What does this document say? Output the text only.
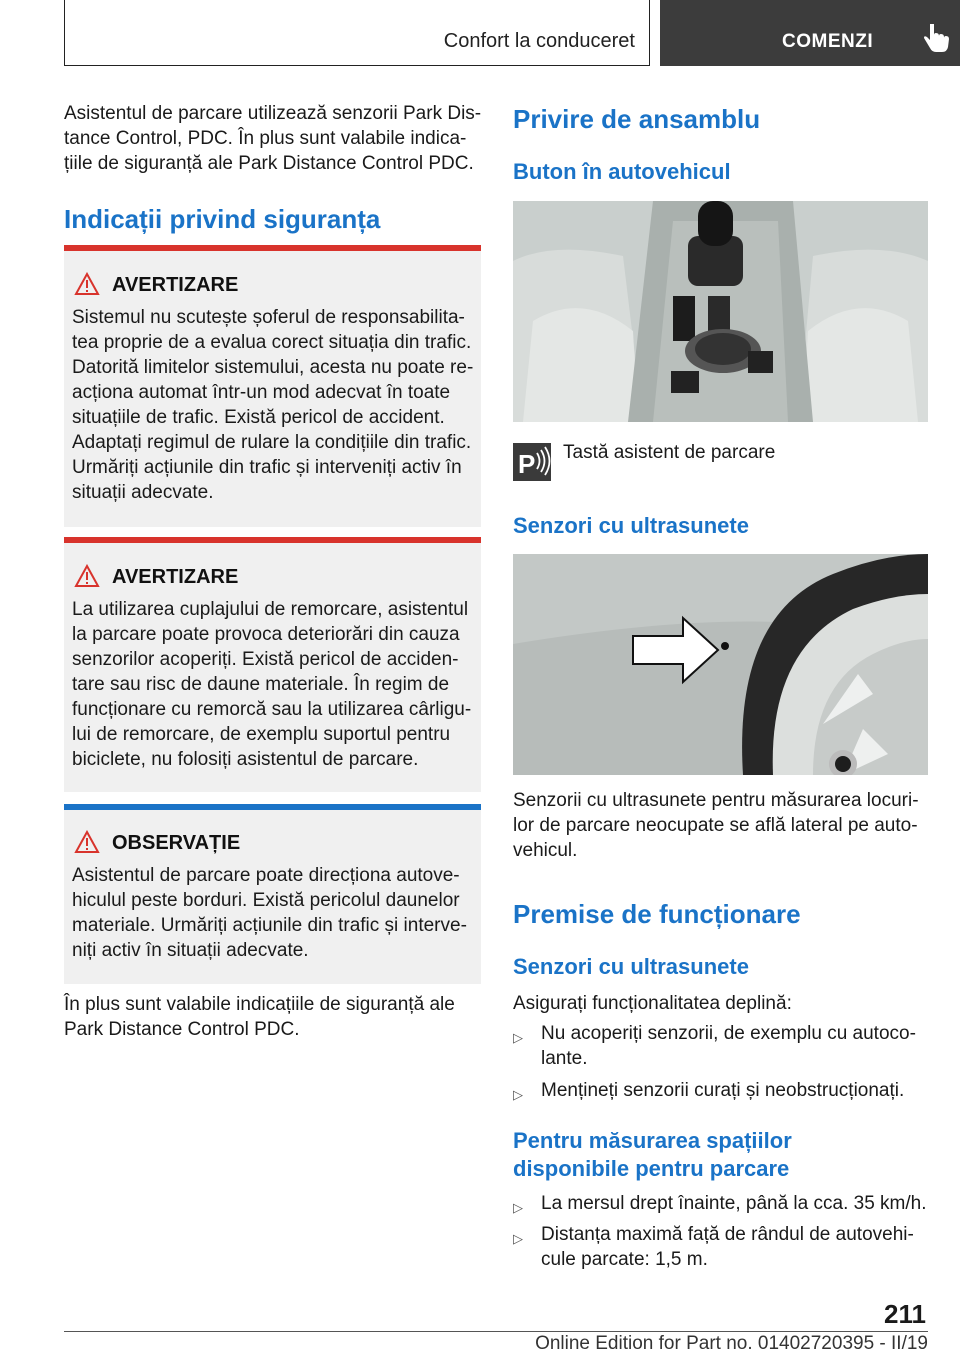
Confort la conduceret	COMENZI
Asistentul de parcare utilizează senzorii Park Dis-
tance Control, PDC. În plus sunt valabile indica-
țiile de siguranță ale Park Distance Control PDC.
Indicații privind siguranța
AVERTIZARE
Sistemul nu scutește șoferul de responsabilita-
tea proprie de a evalua corect situația din trafic.
Datorită limitelor sistemului, acesta nu poate re-
acționa automat într-un mod adecvat în toate
situațiile de trafic. Există pericol de accident.
Adaptați regimul de rulare la condițiile din trafic.
Urmăriți acțiunile din trafic și interveniți activ în
situații adecvate.
AVERTIZARE
La utilizarea cuplajului de remorcare, asistentul
la parcare poate provoca deteriorări din cauza
senzorilor acoperiți. Există pericol de acciden-
tare sau risc de daune materiale. În regim de
funcționare cu remorcă sau la utilizarea cârligu-
lui de remorcare, de exemplu suportul pentru
biciclete, nu folosiți asistentul de parcare.
OBSERVAȚIE
Asistentul de parcare poate direcționa autove-
hiculul peste borduri. Există pericolul daunelor
materiale. Urmăriți acțiunile din trafic și interve-
niți activ în situații adecvate.
În plus sunt valabile indicațiile de siguranță ale
Park Distance Control PDC.
Privire de ansamblu
Buton în autovehicul
P Tastă asistent de parcare
Senzori cu ultrasunete
Senzorii cu ultrasunete pentru măsurarea locuri-
lor de parcare neocupate se află lateral pe auto-
vehicul.
Premise de funcționare
Senzori cu ultrasunete
Asigurați funcționalitatea deplină:
▷ Nu acoperiți senzorii, de exemplu cu autoco-
lante.
▷ Mențineți senzorii curați și neobstrucționați.
Pentru măsurarea spațiilor
disponibile pentru parcare
▷ La mersul drept înainte, până la cca. 35 km/h.
▷ Distanța maximă față de rândul de autovehi-
cule parcate: 1,5 m.
211
Online Edition for Part no. 01402720395 - II/19
